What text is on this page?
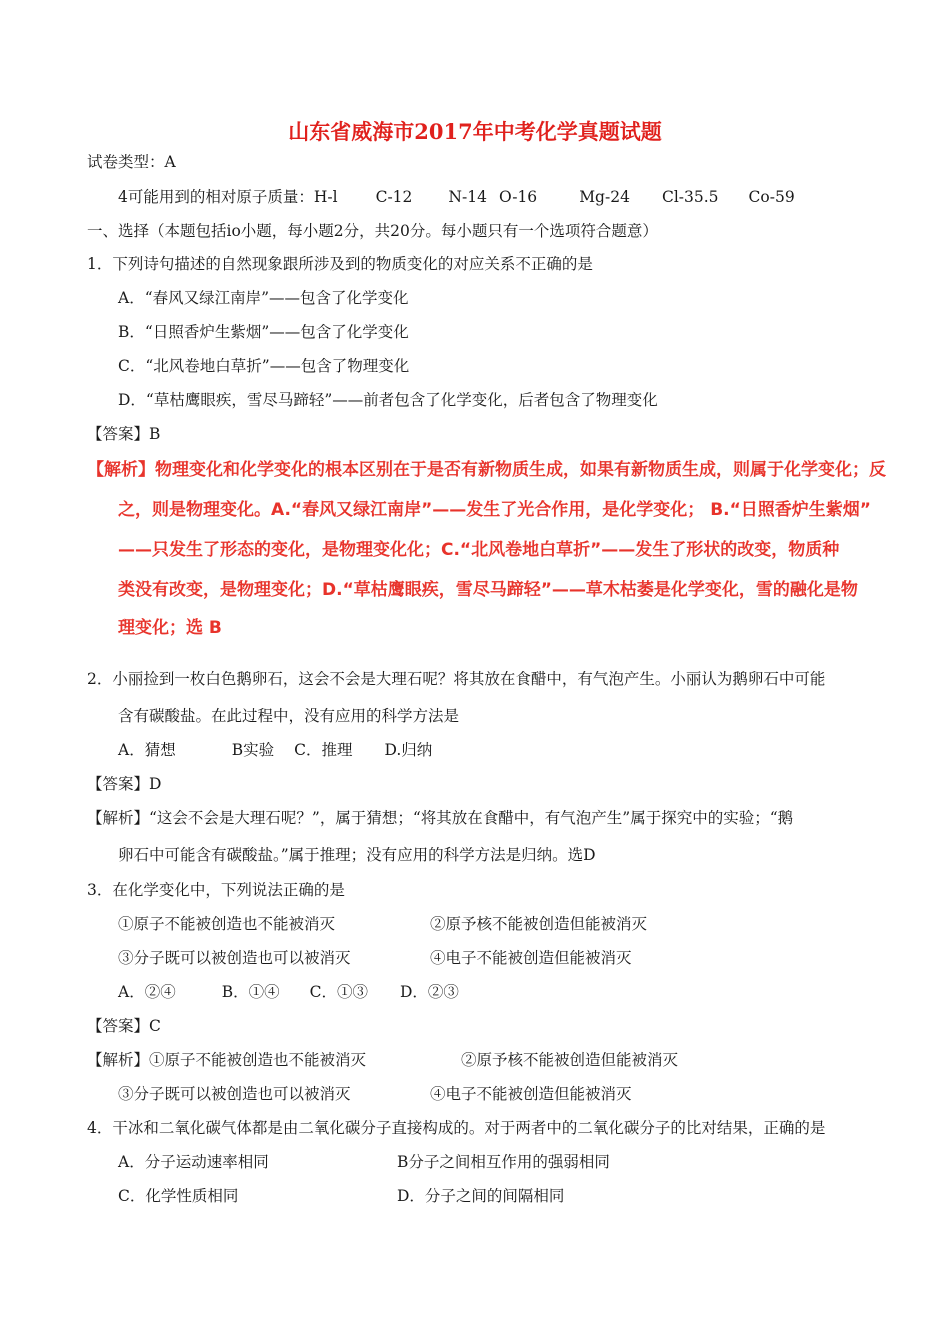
山东省威海市2017年中考化学真题试题
试卷类型：A
4可能用到的相对原子质量：H-l C-12 N-14 O-16	Mg-24 Cl-35.5 Co-59
一、选择（本题包括io小题，每小题2分，共20分。每小题只有一个选项符合题意）
1．下列诗句描述的自然现象跟所涉及到的物质变化的对应关系不正确的是
A．“春风又绿江南岸”——包含了化学变化
B．“日照香炉生紫烟”——包含了化学变化
C．“北风卷地白草折”——包含了物理变化
D．“草枯鹰眼疾，雪尽马蹄轻”——前者包含了化学变化，后者包含了物理变化
【答案】B
【解析】物理变化和化学变化的根本区别在于是否有新物质生成，如果有新物质生成，则属于化学变化；反
之，则是物理变化。A.“春风又绿江南岸”——发生了光合作用，是化学变化； B.“日照香炉生紫烟”
——只发生了形态的变化，是物理变化化；C.“北风卷地白草折”——发生了形状的改变，物质种
类没有改变，是物理变化；D.“草枯鹰眼疾，雪尽马蹄轻”——草木枯萎是化学变化，雪的融化是物
理变化；选 B
2．小丽捡到一枚白色鹅卵石，这会不会是大理石呢？将其放在食醋中，有气泡产生。小丽认为鹅卵石中可能
含有碳酸盐。在此过程中，没有应用的科学方法是
A．猜想	B实验 C．推理 D.归纳
【答案】D
【解析】“这会不会是大理石呢？”，属于猜想；“将其放在食醋中，有气泡产生”属于探究中的实验；“鹅
卵石中可能含有碳酸盐。”属于推理；没有应用的科学方法是归纳。选D
3．在化学变化中，下列说法正确的是
①原子不能被创造也不能被消灭	②原予核不能被创造但能被消灭
③分子既可以被创造也可以被消灭	④电子不能被创造但能被消灭
A．②④	B．①④ C．①③ D．②③
【答案】C
【解析】 ①原子不能被创造也不能被消灭	②原予核不能被创造但能被消灭
③分子既可以被创造也可以被消灭	④电子不能被创造但能被消灭
4．干冰和二氧化碳气体都是由二氧化碳分子直接构成的。对于两者中的二氧化碳分子的比对结果，正确的是
A．分子运动速率相同	B分子之间相互作用的强弱相同
C．化学性质相同	D．分子之间的间隔相同
